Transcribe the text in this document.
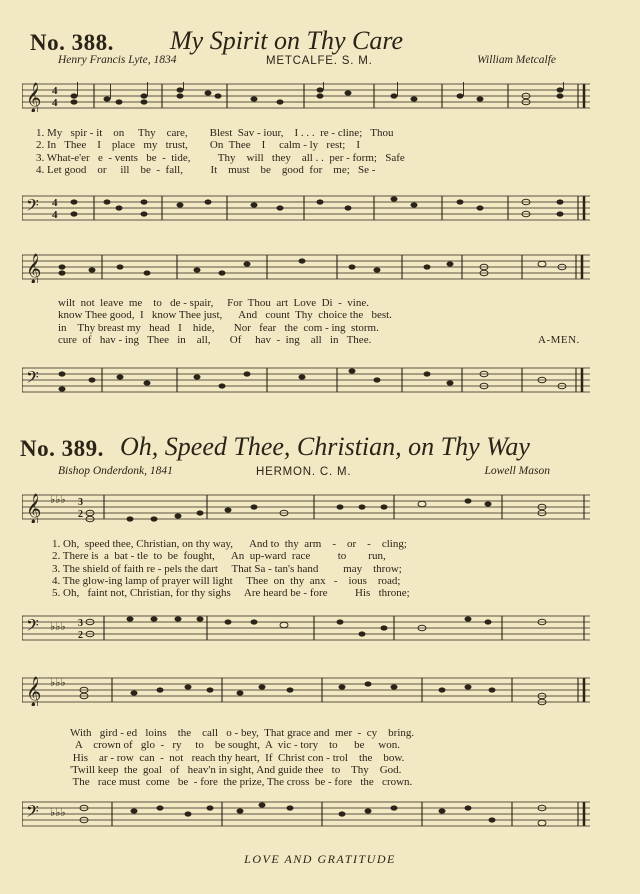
No. 388. My Spirit on Thy Care
Henry Francis Lyte, 1834	METCALFE. S. M.	William Metcalfe
𝄞 4
4
1. My   spir - it    on     Thy    care,        Blest  Sav - iour,    I . . .  re - cline;   Thou
2. In   Thee    I    place   my   trust,        On  Thee    I     calm - ly   rest;    I
3. What-e'er   e  - vents   be  -  tide,          Thy    will   they    all . .  per - form;   Safe
4. Let good    or     ill    be  -  fall,          It    must    be    good  for    me;   Se -
𝄢 4
4
𝄞
wilt  not  leave  me    to   de - spair,     For  Thou  art  Love  Di  -  vine.
know Thee good,  I   know Thee just,      And   count  Thy  choice the   best.
in    Thy breast my   head   I    hide,       Nor   fear   the  com - ing  storm.
cure  of   hav - ing   Thee   in    all,       Of     hav  -  ing    all   in   Thee.	A-MEN.
𝄢
No. 389. Oh, Speed Thee, Christian, on Thy Way
Bishop Onderdonk, 1841	HERMON. C. M.	Lowell Mason
𝄞 ♭♭♭ 3
2
1. Oh,  speed thee, Christian, on thy way,      And to  thy  arm    -    or    -    cling;
2. There is  a  bat - tle  to  be  fought,      An  up-ward  race          to        run,
3. The shield of faith re - pels the dart     That Sa - tan's hand         may    throw;
4. The glow-ing lamp of prayer will light     Thee  on  thy  anx   -    ious    road;
5. Oh,   faint not, Christian, for thy sighs     Are heard be - fore          His   throne;
𝄢 ♭♭♭ 3
2
𝄞 ♭♭♭
With   gird - ed   loins    the    call   o - bey,  That grace and  mer  -  cy    bring.
A    crown of   glo  -   ry     to    be sought,  A  vic - tory    to      be     won.
His    ar - row  can  -  not   reach thy heart,  If  Christ con - trol    the    bow.
'Twill keep  the  goal   of   heav'n in sight, And guide thee   to    Thy    God.
The   race must  come   be  - fore  the prize, The cross  be - fore   the   crown.
𝄢 ♭♭♭
LOVE AND GRATITUDE
